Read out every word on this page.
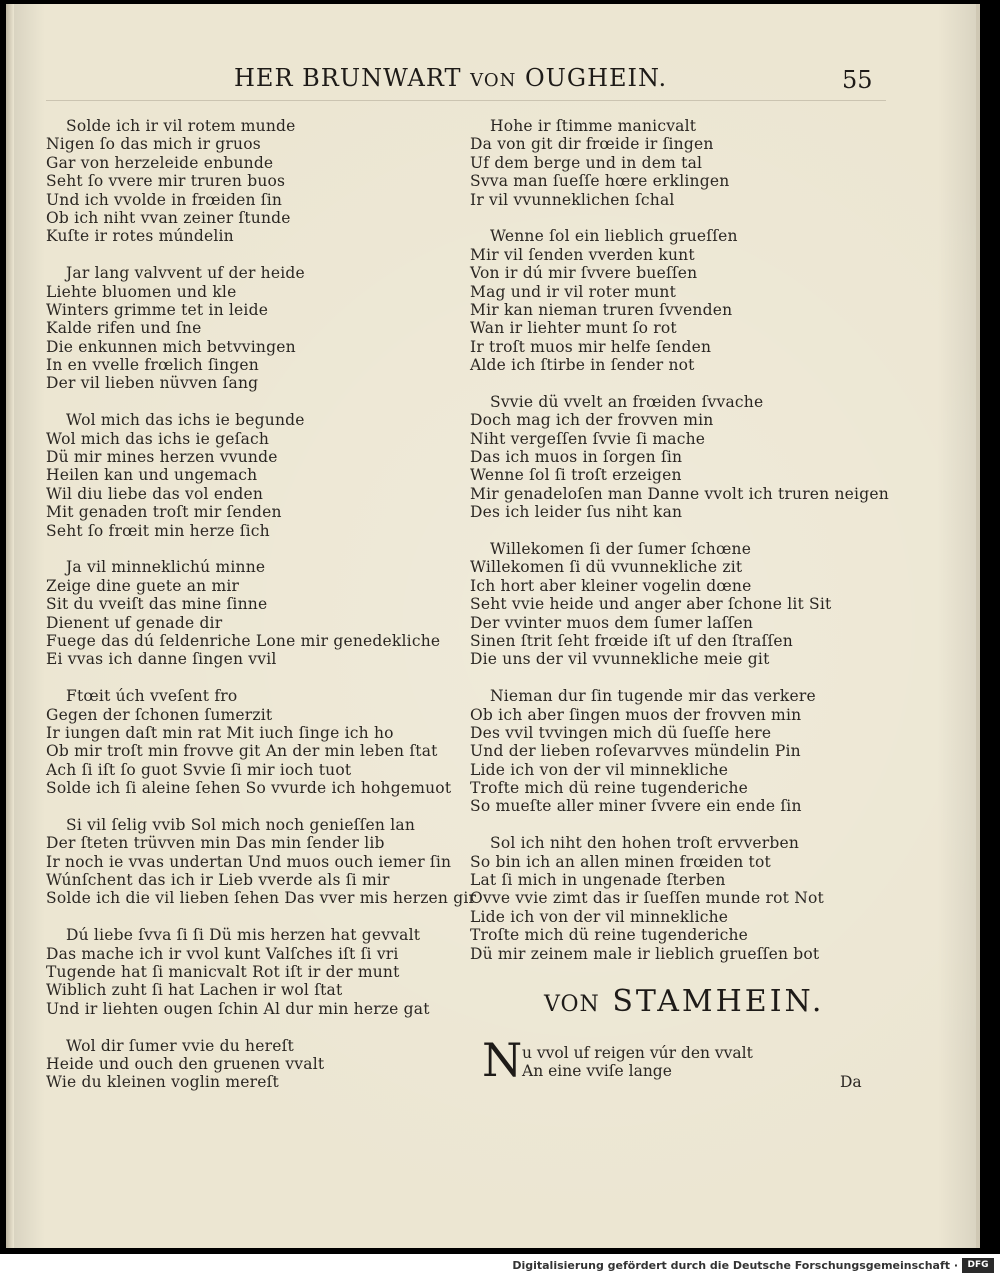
HER BRUNWART VON OUGHEIN.	55
Solde ich ir vil rotem munde
Nigen ſo das mich ir gruos
Gar von herzeleide enbunde
Seht ſo vvere mir truren buos
Und ich vvolde in frœiden ſin
Ob ich niht vvan zeiner ſtunde
Kuſte ir rotes múndelin
Jar lang valvvent uf der heide
Liehte bluomen und kle
Winters grimme tet in leide
Kalde rifen und ſne
Die enkunnen mich betvvingen
In en vvelle frœlich ſingen
Der vil lieben nüvven ſang
Wol mich das ichs ie begunde
Wol mich das ichs ie geſach
Dü mir mines herzen vvunde
Heilen kan und ungemach
Wil diu liebe das vol enden
Mit genaden troſt mir ſenden
Seht ſo frœit min herze ſich
Ja vil minneklichú minne
Zeige dine guete an mir
Sit du vveiſt das mine ſinne
Dienent uf genade dir
Fuege das dú ſeldenriche Lone mir genedekliche
Ei vvas ich danne ſingen vvil
Ftœit úch vveſent fro
Gegen der ſchonen ſumerzit
Ir iungen daſt min rat Mit iuch ſinge ich ho
Ob mir troſt min frovve git An der min leben ſtat
Ach ſi iſt ſo guot Svvie ſi mir ioch tuot
Solde ich ſi aleine ſehen So vvurde ich hohgemuot
Si vil ſelig vvib Sol mich noch genieſſen lan
Der ſteten trüvven min Das min ſender lib
Ir noch ie vvas undertan Und muos ouch iemer ſin
Wúnſchent das ich ir Lieb vverde als ſi mir
Solde ich die vil lieben ſehen Das vver mis herzen gir
Dú liebe ſvva ſi ſi Dü mis herzen hat gevvalt
Das mache ich ir vvol kunt Valſches iſt ſi vri
Tugende hat ſi manicvalt Rot iſt ir der munt
Wiblich zuht ſi hat Lachen ir wol ſtat
Und ir liehten ougen ſchin Al dur min herze gat
Wol dir ſumer vvie du hereſt
Heide und ouch den gruenen vvalt
Wie du kleinen voglin mereſt
Hohe ir ſtimme manicvalt
Da von git dir frœide ir ſingen
Uf dem berge und in dem tal
Svva man ſueſſe hœre erklingen
Ir vil vvunneklichen ſchal
Wenne ſol ein lieblich grueſſen
Mir vil ſenden vverden kunt
Von ir dú mir ſvvere bueſſen
Mag und ir vil roter munt
Mir kan nieman truren ſvvenden
Wan ir liehter munt ſo rot
Ir troſt muos mir helfe ſenden
Alde ich ſtirbe in ſender not
Svvie dü vvelt an frœiden ſvvache
Doch mag ich der frovven min
Niht vergeſſen ſvvie ſi mache
Das ich muos in ſorgen ſin
Wenne ſol ſi troſt erzeigen
Mir genadeloſen man Danne vvolt ich truren neigen
Des ich leider ſus niht kan
Willekomen ſi der ſumer ſchœne
Willekomen ſi dü vvunnekliche zit
Ich hort aber kleiner vogelin dœne
Seht vvie heide und anger aber ſchone lit Sit
Der vvinter muos dem ſumer laſſen
Sinen ſtrit ſeht frœide iſt uf den ſtraſſen
Die uns der vil vvunnekliche meie git
Nieman dur ſin tugende mir das verkere
Ob ich aber ſingen muos der frovven min
Des vvil tvvingen mich dü ſueſſe here
Und der lieben roſevarvves mündelin Pin
Lide ich von der vil minnekliche
Trofte mich dü reine tugenderiche
So mueſte aller miner ſvvere ein ende ſin
Sol ich niht den hohen troſt ervverben
So bin ich an allen minen frœiden tot
Lat ſi mich in ungenade ſterben
Ovve vvie zimt das ir ſueſſen munde rot Not
Lide ich von der vil minnekliche
Troſte mich dü reine tugenderiche
Dü mir zeinem male ir lieblich grueſſen bot
VON STAMHEIN.
N u vvol uf reigen vúr den vvalt
An eine vviſe lange
Da
Digitalisierung gefördert durch die Deutsche Forschungsgemeinschaft ·	DFG
